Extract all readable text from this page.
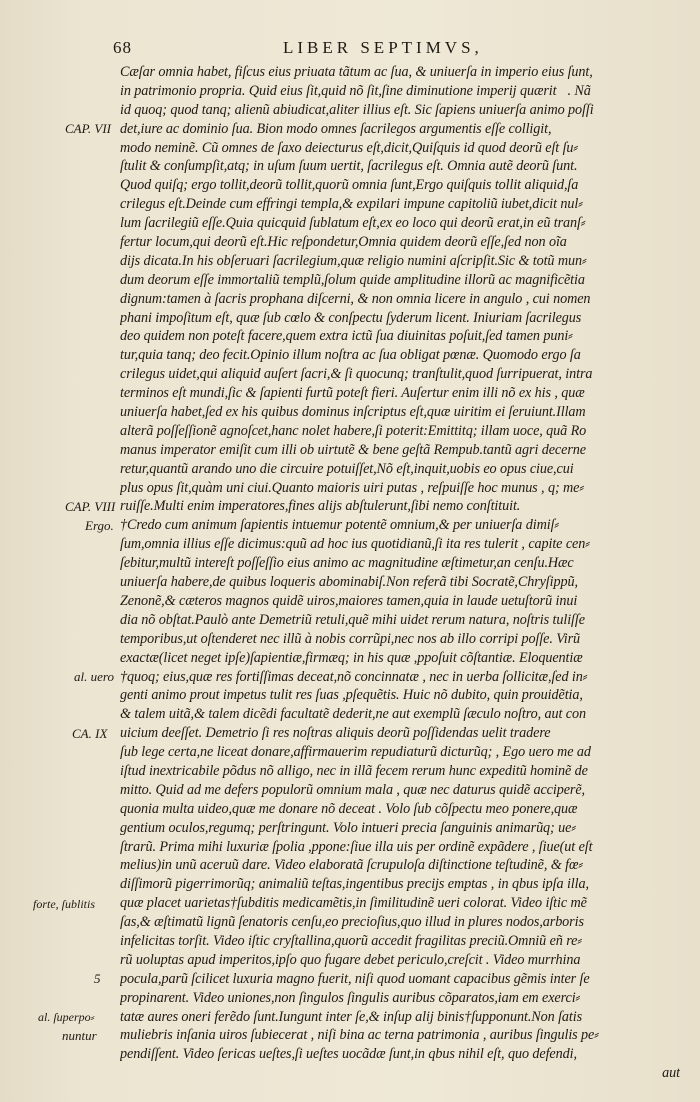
68	LIBER SEPTIMVS,
CAP. VII
CAP. VIII
Ergo.
al. uero
CA. IX
forte, ſublitis
5
al. ſuperpo⸗
nuntur
Cæſar omnia habet, fiſcus eius priuata tãtum ac ſua, & uniuerſa in imperio eius ſunt,
in patrimonio propria. Quid eius ſit,quid nõ ſit,ſine diminutione imperij quæritᷓ. Nã
id quoq; quod tanq; alienũ abiudicat,aliter illius eſt. Sic ſapiens uniuerſa animo poſſi
det,iure ac dominio ſua. Bion modo omnes ſacrilegos argumentis eſſe colligit,
modo neminẽ. Cũ omnes de ſaxo deiecturus eſt,dicit,Quiſquis id quod deorũ eſt ſu⸗
ſtulit & conſumpſit,atq; in uſum ſuum uertit, ſacrilegus eſt. Omnia autẽ deorũ ſunt.
Quod quiſq; ergo tollit,deorũ tollit,quorũ omnia ſunt,Ergo quiſquis tollit aliquid,ſa
crilegus eſt.Deinde cum effringi templa,& expilari impune capitoliũ iubet,dicit nul⸗
lum ſacrilegiũ eſſe.Quia quicquid ſublatum eſt,ex eo loco qui deorũ erat,in eũ tranſ⸗
fertur locum,qui deorũ eſt.Hic reſpondetur,Omnia quidem deorũ eſſe,ſed non oĩa
dijs dicata.In his obſeruari ſacrilegium,quæ religio numini aſcripſit.Sic & totũ mun⸗
dum deorum eſſe immortaliũ templũ,ſolum quide amplitudine illorũ ac magnificẽtia
dignum:tamen à ſacris prophana diſcerni, & non omnia licere in angulo , cui nomen
phani impoſitum eſt, quæ ſub cœlo & conſpectu ſyderum licent. Iniuriam ſacrilegus
deo quidem non poteſt facere,quem extra ictũ ſua diuinitas poſuit,ſed tamen puni⸗
tur,quia tanq; deo fecit.Opinio illum noſtra ac ſua obligat pœnæ. Quomodo ergo ſa
crilegus uidet,qui aliquid auſert ſacri,& ſi quocunq; tranſtulit,quod ſurripuerat, intra
terminos eſt mundi,ſic & ſapienti furtũ poteſt fieri. Auſertur enim illi nõ ex his , quæ
uniuerſa habet,ſed ex his quibus dominus inſcriptus eſt,quæ uiritim ei ſeruiunt.Illam
alterã poſſeſſionẽ agnoſcet,hanc nolet habere,ſi poterit:Emittitq; illam uoce, quã Ro
manus imperator emiſit cum illi ob uirtutẽ & bene geſtã Rempub.tantũ agri decerne
retur,quantũ arando uno die circuire potuiſſet,Nõ eſt,inquit,uobis eo opus ciue,cui
plus opus ſit,quàm uni ciui.Quanto maioris uiri putas , reſpuiſſe hoc munus , q; me⸗
ruiſſe.Multi enim imperatores,fines alijs abſtulerunt,ſibi nemo conſtituit.
†Credo cum animum ſapientis intuemur potentẽ omnium,& per uniuerſa dimiſ⸗
ſum,omnia illius eſſe dicimus:quũ ad hoc ius quotidianũ,ſi ita res tulerit , capite cen⸗
ſebitur,multũ intereſt poſſeſſio eius animo ac magnitudine æſtimetur,an cenſu.Hæc
uniuerſa habere,de quibus loqueris abominabiſ.Non referã tibi Socratẽ,Chryſippũ,
Zenonẽ,& cæteros magnos quidẽ uiros,maiores tamen,quia in laude uetuſtorũ inui
dia nõ obſtat.Paulò ante Demetriũ retuli,quẽ mihi uidet rerum natura, noſtris tuliſſe
temporibus,ut oſtenderet nec illũ à nobis corrũpi,nec nos ab illo corripi poſſe. Virũ
exactæ(licet neget ipſe)ſapientiæ,firmæq; in his quæ ,ppoſuit cõſtantiæ. Eloquentiæ
†quoq; eius,quæ res fortiſſimas deceat,nõ concinnatæ , nec in uerba ſollicitæ,ſed in⸗
genti animo prout impetus tulit res ſuas ,pſequẽtis. Huic nõ dubito, quin prouidẽtia,
& talem uitã,& talem dicẽdi facultatẽ dederit,ne aut exemplũ ſæculo noſtro, aut con
uicium deeſſet. Demetrio ſi res noſtras aliquis deorũ poſſidendas uelit tradere
ſub lege certa,ne liceat donare,affirmauerim repudiaturũ dicturũq; , Ego uero me ad
iſtud inextricabile põdus nõ alligo, nec in illã fecem rerum hunc expeditũ hominẽ de
mitto. Quid ad me defers populorũ omnium mala , quæ nec daturus quidẽ acciperẽ,
quonia multa uideo,quæ me donare nõ deceat . Volo ſub cõſpectu meo ponere,quæ
gentium oculos,regumq; perſtringunt. Volo intueri precia ſanguinis animarũq; ue⸗
ſtrarũ. Prima mihi luxuriæ ſpolia ,ppone:ſiue illa uis per ordinẽ expãdere , ſiue(ut eſt
melius)in unũ aceruũ dare. Video elaboratã ſcrupuloſa diſtinctione teſtudinẽ, & fœ⸗
diſſimorũ pigerrimorũq; animaliũ teſtas,ingentibus precijs emptas , in qbus ipſa illa,
quæ placet uarietas†ſubditis medicamẽtis,in ſimilitudinẽ ueri colorat. Video iſtic mẽ
ſas,& æſtimatũ lignũ ſenatoris cenſu,eo precioſius,quo illud in plures nodos,arboris
infelicitas torſit. Video iſtic cryſtallina,quorũ accedit fragilitas preciũ.Omniũ eñ re⸗
rũ uoluptas apud imperitos,ipſo quo fugare debet periculo,creſcit . Video murrhina
pocula,parũ ſcilicet luxuria magno fuerit, niſi quod uomant capacibus gẽmis inter ſe
propinarent. Video uniones,non ſingulos ſingulis auribus cõparatos,iam em exerci⸗
tatæ aures oneri ferẽdo ſunt.Iungunt inter ſe,& inſup alij binis†ſupponunt.Non ſatis
muliebris inſania uiros ſubiecerat , niſi bina ac terna patrimonia , auribus ſingulis pe⸗
pendiſſent. Video ſericas ueſtes,ſi ueſtes uocãdæ ſunt,in qbus nihil eſt, quo defendi,
aut
